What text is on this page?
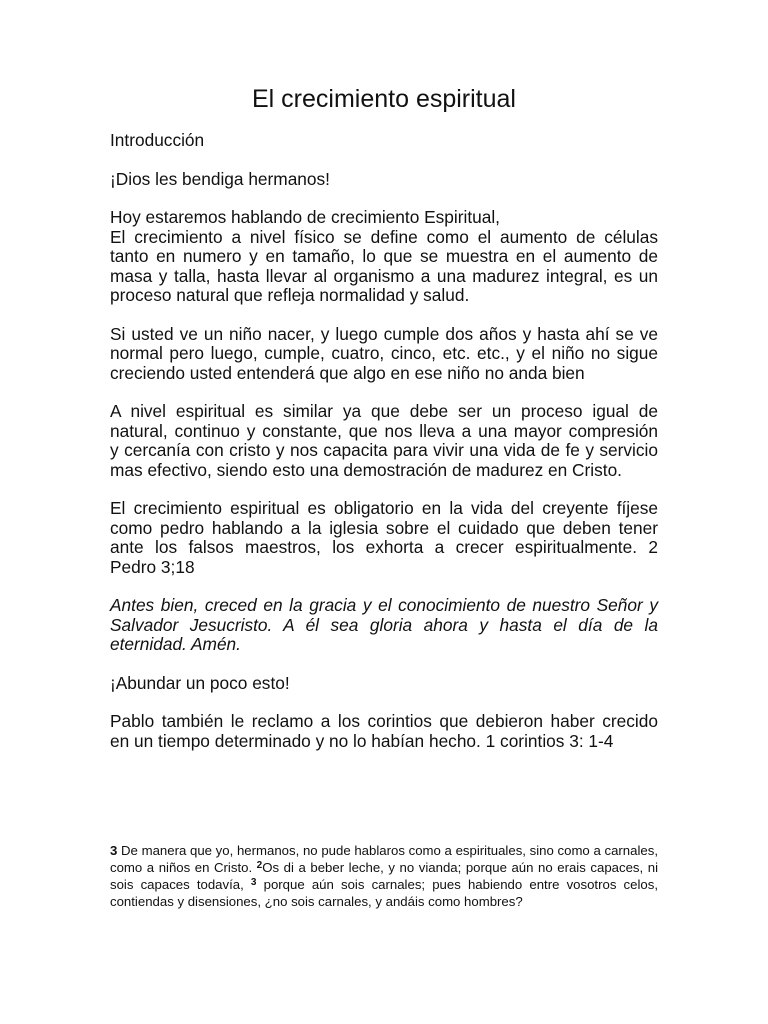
El crecimiento espiritual

Introducción

¡Dios les bendiga hermanos!

Hoy estaremos hablando de crecimiento Espiritual,
El crecimiento a nivel físico se define como el aumento de células
tanto en numero y en tamaño, lo que se muestra en el aumento de
masa y talla, hasta llevar al organismo a una madurez integral, es un
proceso natural que refleja normalidad y salud.

Si usted ve un niño nacer, y luego cumple dos años y hasta ahí se ve
normal pero luego, cumple, cuatro, cinco, etc. etc., y el niño no sigue
creciendo usted entenderá que algo en ese niño no anda bien

A nivel espiritual es similar ya que debe ser un proceso igual de
natural, continuo y constante, que nos lleva a una mayor compresión
y cercanía con cristo y nos capacita para vivir una vida de fe y servicio
mas efectivo, siendo esto una demostración de madurez en Cristo.

El crecimiento espiritual es obligatorio en la vida del creyente fíjese
como pedro hablando a la iglesia sobre el cuidado que deben tener
ante los falsos maestros, los exhorta a crecer espiritualmente. 2
Pedro 3;18

Antes bien, creced en la gracia y el conocimiento de nuestro Señor y
Salvador Jesucristo. A él sea gloria ahora y hasta el día de la
eternidad. Amén.

¡Abundar un poco esto!

Pablo también le reclamo a los corintios que debieron haber crecido
en un tiempo determinado y no lo habían hecho. 1 corintios 3: 1-4

3 De manera que yo, hermanos, no pude hablaros como a espirituales, sino como a carnales, como a niños en Cristo. $^2$Os di a beber leche, y no vianda; porque aún no erais capaces, ni sois capaces todavía, $^3$ porque aún sois carnales; pues habiendo entre vosotros celos, contiendas y disensiones, ¿no sois carnales, y andáis como hombres?
